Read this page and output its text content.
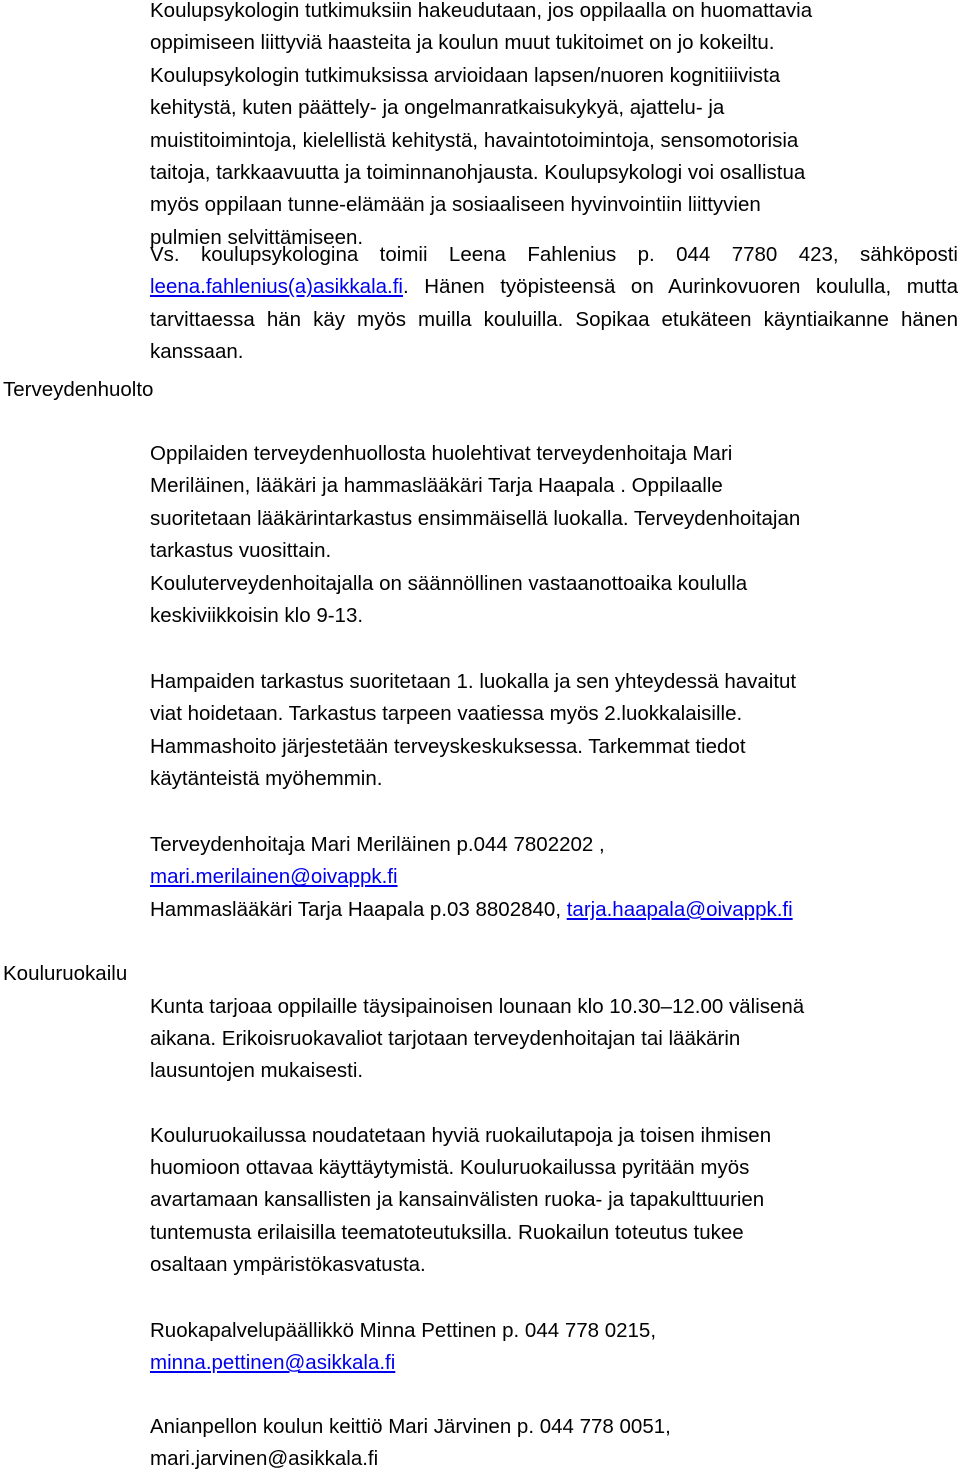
Koulupsykologin tutkimuksiin hakeudutaan, jos oppilaalla on huomattavia
oppimiseen liittyviä haasteita ja koulun muut tukitoimet on jo kokeiltu.
Koulupsykologin tutkimuksissa arvioidaan lapsen/nuoren kognitiiivista
kehitystä, kuten päättely- ja ongelmanratkaisukykyä, ajattelu- ja
muistitoimintoja, kielellistä kehitystä, havaintotoimintoja, sensomotorisia
taitoja, tarkkaavuutta ja toiminnanohjausta. Koulupsykologi voi osallistua
myös oppilaan tunne-elämään ja sosiaaliseen hyvinvointiin liittyvien
pulmien selvittämiseen.

Vs. koulupsykologina toimii Leena Fahlenius p. 044 7780 423, sähköposti leena.fahlenius(a)asikkala.fi. Hänen työpisteensä on Aurinkovuoren koululla, mutta tarvittaessa hän käy myös muilla kouluilla. Sopikaa etukäteen käyntiaikanne hänen kanssaan.

Terveydenhuolto
Oppilaiden terveydenhuollosta huolehtivat terveydenhoitaja Mari
Meriläinen, lääkäri ja hammaslääkäri Tarja Haapala . Oppilaalle
suoritetaan lääkärintarkastus ensimmäisellä luokalla. Terveydenhoitajan
tarkastus vuosittain.
Kouluterveydenhoitajalla on säännöllinen vastaanottoaika koululla
keskiviikkoisin klo 9-13.
Hampaiden tarkastus suoritetaan 1. luokalla ja sen yhteydessä havaitut
viat hoidetaan. Tarkastus tarpeen vaatiessa myös 2.luokkalaisille.
Hammashoito järjestetään terveyskeskuksessa. Tarkemmat tiedot
käytänteistä myöhemmin.
Terveydenhoitaja Mari Meriläinen p.044 7802202 ,
mari.merilainen@oivappk.fi
Hammaslääkäri Tarja Haapala p.03 8802840, tarja.haapala@oivappk.fi
Kouluruokailu
Kunta tarjoaa oppilaille täysipainoisen lounaan klo 10.30–12.00 välisenä
aikana. Erikoisruokavaliot tarjotaan terveydenhoitajan tai lääkärin
lausuntojen mukaisesti.
Kouluruokailussa noudatetaan hyviä ruokailutapoja ja toisen ihmisen
huomioon ottavaa käyttäytymistä. Kouluruokailussa pyritään myös
avartamaan kansallisten ja kansainvälisten ruoka- ja tapakulttuurien
tuntemusta erilaisilla teematoteutuksilla. Ruokailun toteutus tukee
osaltaan ympäristökasvatusta.
Ruokapalvelupäällikkö Minna Pettinen p. 044 778 0215,
minna.pettinen@asikkala.fi
Anianpellon koulun keittiö Mari Järvinen p. 044 778 0051,
mari.jarvinen@asikkala.fi
